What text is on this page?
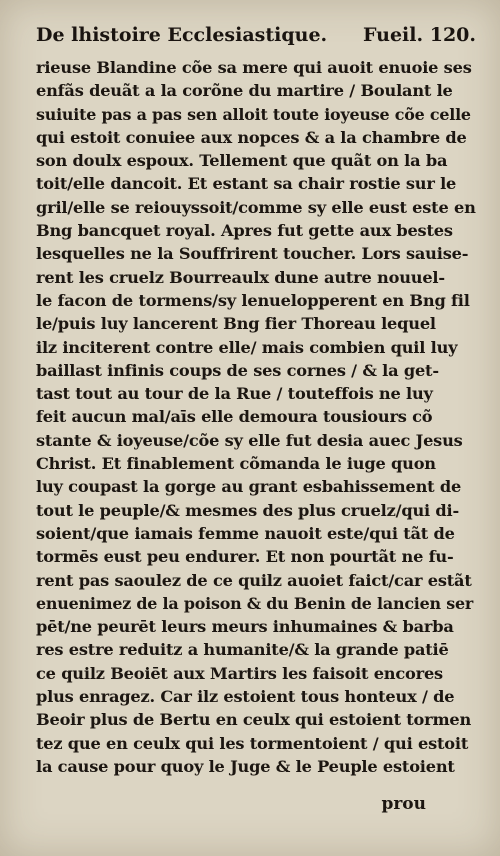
De lhistoire Ecclesiastique. Fueil. 120.
rieuse Blandine cõe sa mere qui auoit enuoie ses
enfãs deuãt a la corõne du martire / Boulant le
suiuite pas a pas sen alloit toute ioyeuse cõe celle
qui estoit conuiee aux nopces & a la chambre de
son doulx espoux. Tellement que quãt on la ba
toit/elle dancoit. Et estant sa chair rostie sur le
gril/elle se reiouyssoit/comme sy elle eust este en
Bng bancquet royal. Apres fut gette aux bestes
lesquelles ne la Souffrirent toucher. Lors sauise-
rent les cruelz Bourreaulx dune autre nouuel-
le facon de tormens/sy lenuelopperent en Bng fil
le/puis luy lancerent Bng fier Thoreau lequel
ilz inciterent contre elle/ mais combien quil luy
baillast infinis coups de ses cornes / & la get-
tast tout au tour de la Rue / touteffois ne luy
feit aucun mal/aīs elle demoura tousiours cõ
stante & ioyeuse/cõe sy elle fut desia auec Jesus
Christ. Et finablement cõmanda le iuge quon
luy coupast la gorge au grant esbahissement de
tout le peuple/& mesmes des plus cruelz/qui di-
soient/que iamais femme nauoit este/qui tãt de
tormēs eust peu endurer. Et non pourtãt ne fu-
rent pas saoulez de ce quilz auoiet faict/car estãt
enuenimez de la poison & du Benin de lancien ser
pēt/ne peurēt leurs meurs inhumaines & barba
res estre reduitz a humanite/& la grande patiē
ce quilz Beoiēt aux Martirs les faisoit encores
plus enragez. Car ilz estoient tous honteux / de
Beoir plus de Bertu en ceulx qui estoient tormen
tez que en ceulx qui les tormentoient / qui estoit
la cause pour quoy le Juge & le Peuple estoient
prou
